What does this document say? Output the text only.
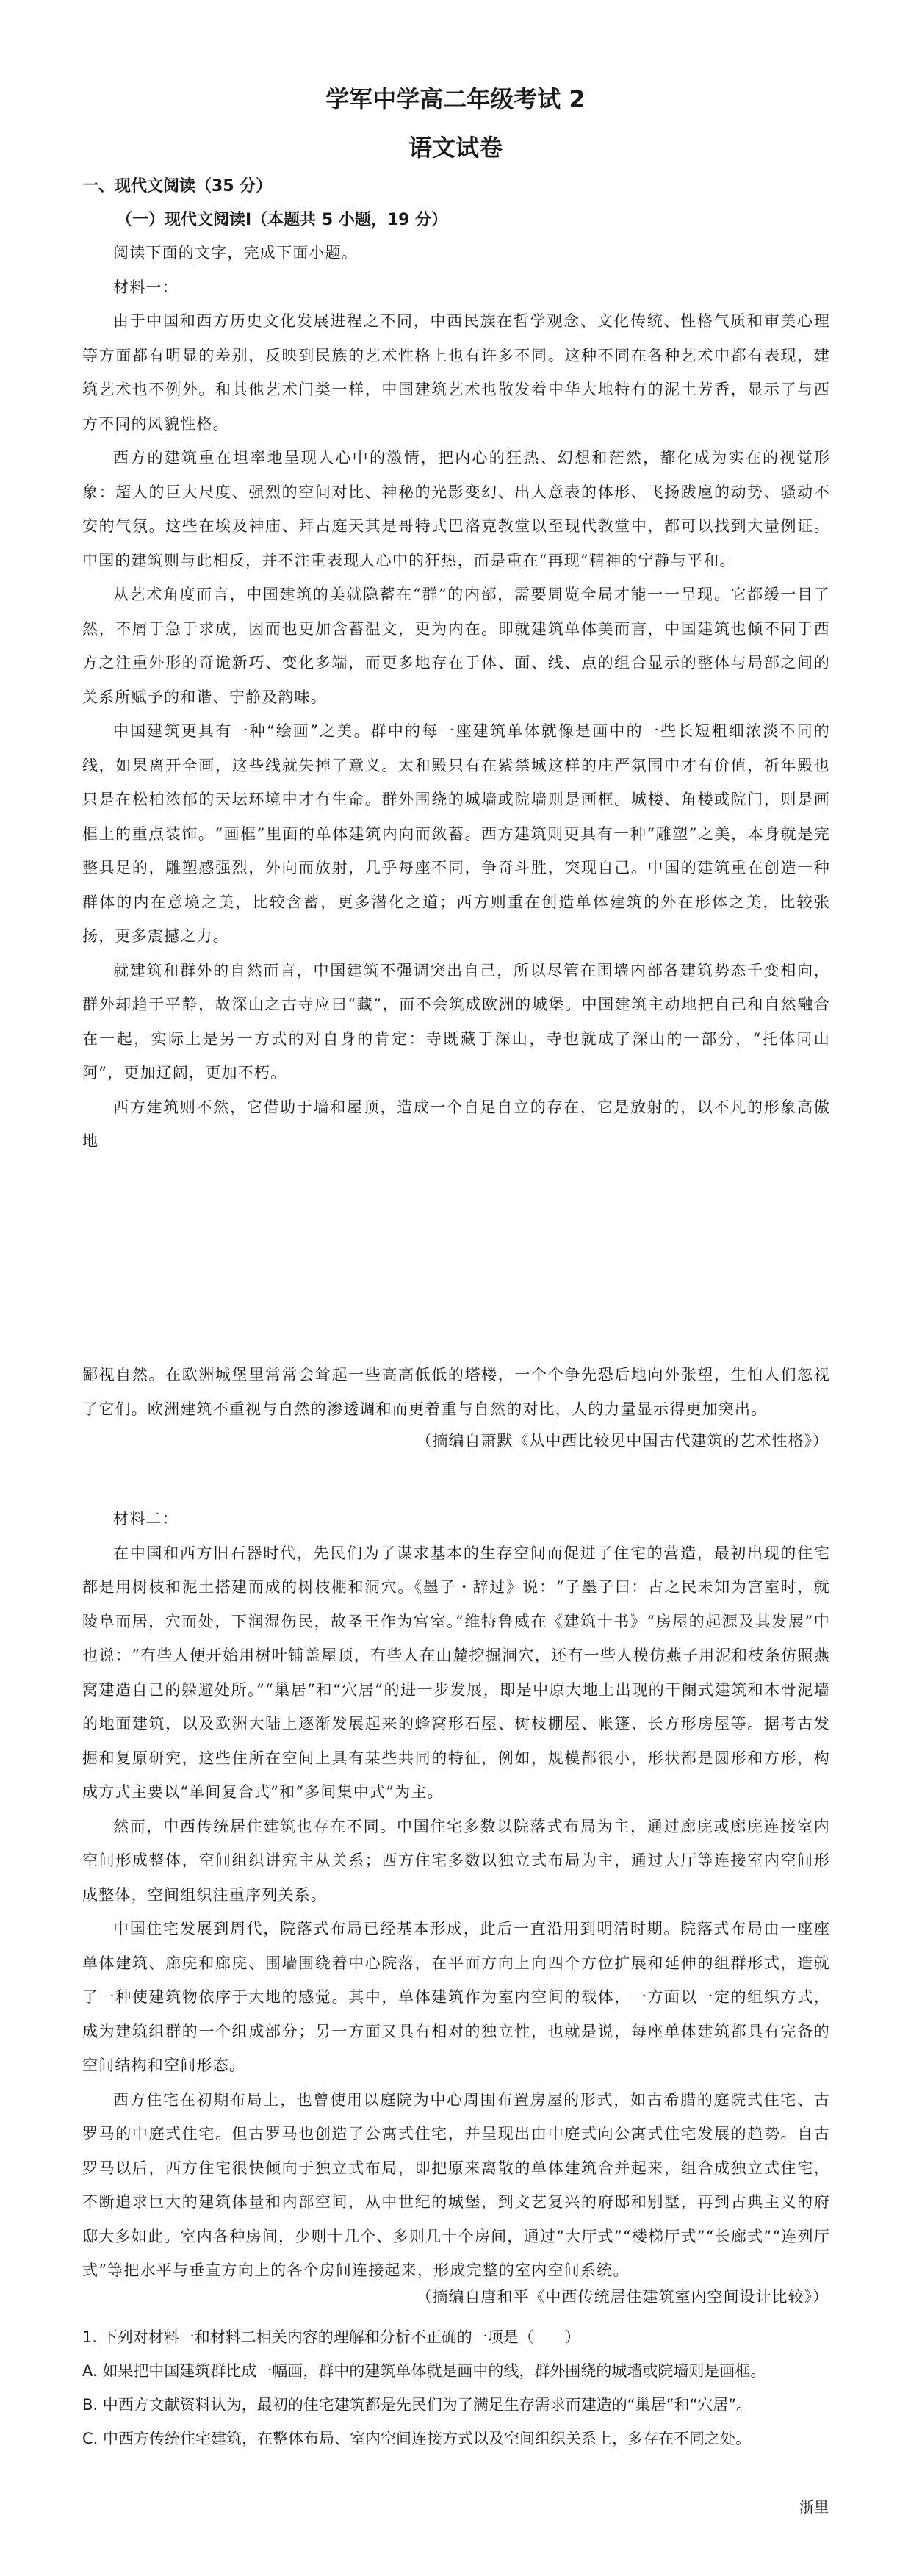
学军中学高二年级考试 2
语文试卷
一、现代文阅读（35 分）
（一）现代文阅读Ⅰ（本题共 5 小题，19 分）

阅读下面的文字，完成下面小题。

材料一：

由于中国和西方历史文化发展进程之不同，中西民族在哲学观念、文化传统、性格气质和审美心理等方面都有明显的差别，反映到民族的艺术性格上也有许多不同。这种不同在各种艺术中都有表现，建筑艺术也不例外。和其他艺术门类一样，中国建筑艺术也散发着中华大地特有的泥土芳香，显示了与西方不同的风貌性格。

西方的建筑重在坦率地呈现人心中的激情，把内心的狂热、幻想和茫然，都化成为实在的视觉形象：超人的巨大尺度、强烈的空间对比、神秘的光影变幻、出人意表的体形、飞扬跋扈的动势、骚动不安的气氛。这些在埃及神庙、拜占庭天其是哥特式巴洛克教堂以至现代教堂中，都可以找到大量例证。中国的建筑则与此相反，并不注重表现人心中的狂热，而是重在“再现”精神的宁静与平和。

从艺术角度而言，中国建筑的美就隐蓄在“群”的内部，需要周览全局才能一一呈现。它都缓一目了然，不屑于急于求成，因而也更加含蓄温文，更为内在。即就建筑单体美而言，中国建筑也倾不同于西方之注重外形的奇诡新巧、变化多端，而更多地存在于体、面、线、点的组合显示的整体与局部之间的关系所赋予的和谐、宁静及韵味。

中国建筑更具有一种“绘画”之美。群中的每一座建筑单体就像是画中的一些长短粗细浓淡不同的线，如果离开全画，这些线就失掉了意义。太和殿只有在紫禁城这样的庄严氛围中才有价值，祈年殿也只是在松柏浓郁的天坛环境中才有生命。群外围绕的城墙或院墙则是画框。城楼、角楼或院门，则是画框上的重点装饰。“画框”里面的单体建筑内向而敛蓄。西方建筑则更具有一种“雕塑”之美，本身就是完整具足的，雕塑感强烈，外向而放射，几乎每座不同，争奇斗胜，突现自己。中国的建筑重在创造一种群体的内在意境之美，比较含蓄，更多潜化之道；西方则重在创造单体建筑的外在形体之美，比较张扬，更多震撼之力。

就建筑和群外的自然而言，中国建筑不强调突出自己，所以尽管在围墙内部各建筑势态千变相向，群外却趋于平静，故深山之古寺应曰“藏”，而不会筑成欧洲的城堡。中国建筑主动地把自己和自然融合在一起，实际上是另一方式的对自身的肯定：寺既藏于深山，寺也就成了深山的一部分，“托体同山阿”，更加辽阔，更加不朽。

西方建筑则不然，它借助于墙和屋顶，造成一个自足自立的存在，它是放射的，以不凡的形象高傲地

鄙视自然。在欧洲城堡里常常会耸起一些高高低低的塔楼，一个个争先恐后地向外张望，生怕人们忽视了它们。欧洲建筑不重视与自然的渗透调和而更着重与自然的对比，人的力量显示得更加突出。

（摘编自萧默《从中西比较见中国古代建筑的艺术性格》）

材料二：

在中国和西方旧石器时代，先民们为了谋求基本的生存空间而促进了住宅的营造，最初出现的住宅都是用树枝和泥土搭建而成的树枝棚和洞穴。《墨子・辞过》说：“子墨子曰：古之民未知为宫室时，就陵阜而居，穴而处，下润湿伤民，故圣王作为宫室。”维特鲁威在《建筑十书》“房屋的起源及其发展”中也说：“有些人便开始用树叶铺盖屋顶，有些人在山麓挖掘洞穴，还有一些人模仿燕子用泥和枝条仿照燕窝建造自己的躲避处所。”“巢居”和“穴居”的进一步发展，即是中原大地上出现的干阑式建筑和木骨泥墙的地面建筑，以及欧洲大陆上逐渐发展起来的蜂窝形石屋、树枝棚屋、帐篷、长方形房屋等。据考古发掘和复原研究，这些住所在空间上具有某些共同的特征，例如，规模都很小，形状都是圆形和方形，构成方式主要以“单间复合式”和“多间集中式”为主。

然而，中西传统居住建筑也存在不同。中国住宅多数以院落式布局为主，通过廊庑或廊庑连接室内空间形成整体，空间组织讲究主从关系；西方住宅多数以独立式布局为主，通过大厅等连接室内空间形成整体，空间组织注重序列关系。

中国住宅发展到周代，院落式布局已经基本形成，此后一直沿用到明清时期。院落式布局由一座座单体建筑、廊庑和廊庑、围墙围绕着中心院落，在平面方向上向四个方位扩展和延伸的组群形式，造就了一种使建筑物依序于大地的感觉。其中，单体建筑作为室内空间的载体，一方面以一定的组织方式，成为建筑组群的一个组成部分；另一方面又具有相对的独立性，也就是说，每座单体建筑都具有完备的空间结构和空间形态。

西方住宅在初期布局上，也曾使用以庭院为中心周围布置房屋的形式，如古希腊的庭院式住宅、古罗马的中庭式住宅。但古罗马也创造了公寓式住宅，并呈现出由中庭式向公寓式住宅发展的趋势。自古罗马以后，西方住宅很快倾向于独立式布局，即把原来离散的单体建筑合并起来，组合成独立式住宅，不断追求巨大的建筑体量和内部空间，从中世纪的城堡，到文艺复兴的府邸和别墅，再到古典主义的府邸大多如此。室内各种房间，少则十几个、多则几十个房间，通过“大厅式”“楼梯厅式”“长廊式”“连列厅式”等把水平与垂直方向上的各个房间连接起来，形成完整的室内空间系统。

（摘编自唐和平《中西传统居住建筑室内空间设计比较》）
1. 下列对材料一和材料二相关内容的理解和分析不正确的一项是（　　）
A. 如果把中国建筑群比成一幅画，群中的建筑单体就是画中的线，群外围绕的城墙或院墙则是画框。
B. 中西方文献资料认为，最初的住宅建筑都是先民们为了满足生存需求而建造的“巢居”和“穴居”。
C. 中西方传统住宅建筑，在整体布局、室内空间连接方式以及空间组织关系上，多存在不同之处。
浙里
